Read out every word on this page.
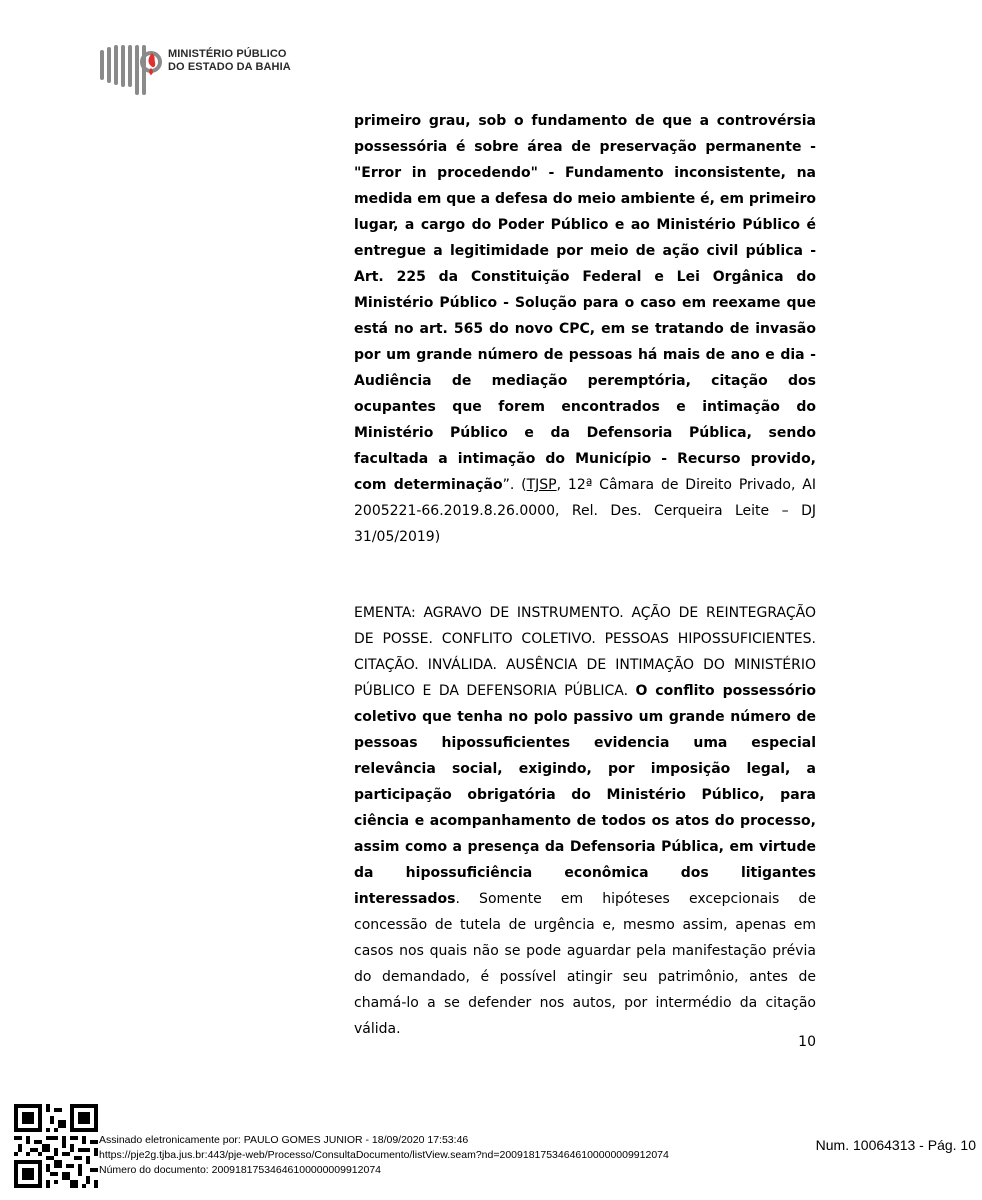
MINISTÉRIO PÚBLICO
DO ESTADO DA BAHIA

primeiro grau, sob o fundamento de que a controvérsia possessória é sobre área de preservação permanente - "Error in procedendo" - Fundamento inconsistente, na medida em que a defesa do meio ambiente é, em primeiro lugar, a cargo do Poder Público e ao Ministério Público é entregue a legitimidade por meio de ação civil pública - Art. 225 da Constituição Federal e Lei Orgânica do Ministério Público - Solução para o caso em reexame que está no art. 565 do novo CPC, em se tratando de invasão por um grande número de pessoas há mais de ano e dia - Audiência de mediação peremptória, citação dos ocupantes que forem encontrados e intimação do Ministério Público e da Defensoria Pública, sendo facultada a intimação do Município - Recurso provido, com determinação”. (TJSP, 12ª Câmara de Direito Privado, AI 2005221-66.2019.8.26.0000, Rel. Des. Cerqueira Leite – DJ 31/05/2019)

EMENTA: AGRAVO DE INSTRUMENTO. AÇÃO DE REINTEGRAÇÃO DE POSSE. CONFLITO COLETIVO. PESSOAS HIPOSSUFICIENTES. CITAÇÃO. INVÁLIDA. AUSÊNCIA DE INTIMAÇÃO DO MINISTÉRIO PÚBLICO E DA DEFENSORIA PÚBLICA. O conflito possessório coletivo que tenha no polo passivo um grande número de pessoas hipossuficientes evidencia uma especial relevância social, exigindo, por imposição legal, a participação obrigatória do Ministério Público, para ciência e acompanhamento de todos os atos do processo, assim como a presença da Defensoria Pública, em virtude da hipossuficiência econômica dos litigantes interessados. Somente em hipóteses excepcionais de concessão de tutela de urgência e, mesmo assim, apenas em casos nos quais não se pode aguardar pela manifestação prévia do demandado, é possível atingir seu patrimônio, antes de chamá-lo a se defender nos autos, por intermédio da citação válida.

10
Assinado eletronicamente por: PAULO GOMES JUNIOR - 18/09/2020 17:53:46
https://pje2g.tjba.jus.br:443/pje-web/Processo/ConsultaDocumento/listView.seam?nd=20091817534646100000009912074
Número do documento: 20091817534646100000009912074
Num. 10064313 - Pág. 10
